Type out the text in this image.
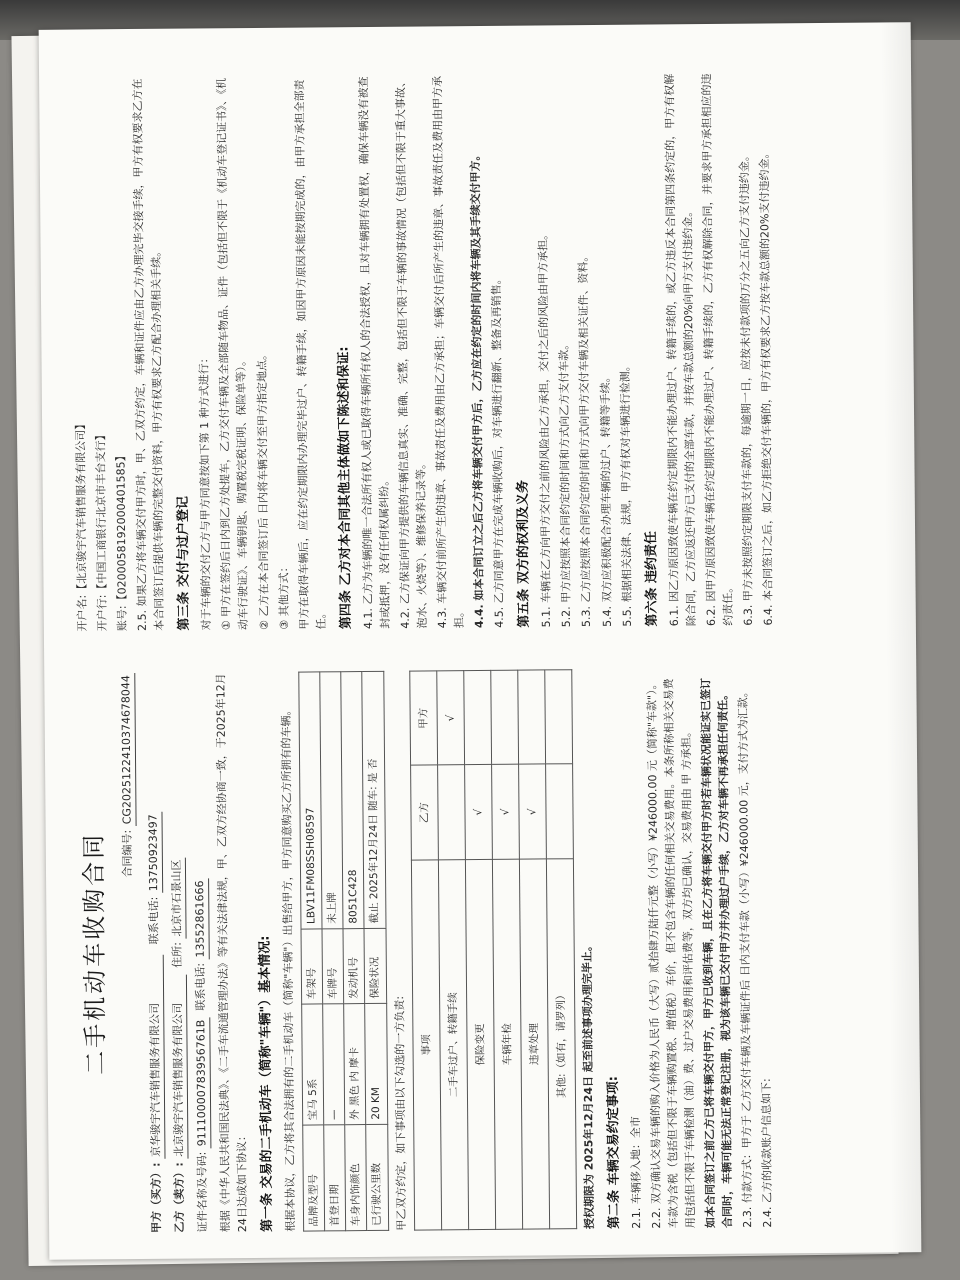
二手机动车收购合同	合同编号: CG2025122410374678044
甲方（买方）: 京华骏宇汽车销售服务有限公司   联系电话: 13750923497
乙方（卖方）: 北京骏宇汽车销售服务有限公司  住所: 北京市石景山区
证件名称及号码: 91110000783956761B  联系电话: 13552861666 根据《中华人民共和国民法典》、《二手车流通管理办法》等有关法律法规，甲、乙双方经协商一致，于2025年12月24日达成如下协议： 第一条 交易的二手机动车（简称"车辆"）基本情况: 根据本协议，乙方将其合法拥有的二手机动车（简称"车辆"）出售给甲方，甲方同意购买乙方所拥有的车辆。 品牌及型号	宝马 5系	车架号	LBV11FM08SSH08597
首登日期	—	车牌号	未上牌
车身内饰颜色	外 黑色 内 摩卡	发动机号	8051C428
已行驶公里数	20 KM	保险状况	截止 2025年12月24日 随车: 是 否
甲乙双方约定，如下事项由以下勾选的一方负责: 事项	乙方	甲方
二手车过户、转籍手续		√
保险变更	√	
车辆年检	√	
违章处理	√	
其他:（如有，请罗列）			授权期限为 2025年12月24日 起至前述事项办理完毕止。 第二条 车辆交易约定事项: 2.1. 车辆移入地：全市 2.2. 双方确认交易车辆的购入价格为人民币（大写）贰拾肆万陆仟元整（小写）¥246000.00 元（简称"车款"）。车款为含税（包括但不限于车辆购置税、增值税）车价，但不包含车辆的任何相关交易费用。本条所称相关交易费用包括但不限于车辆检测（油）费、过户交易费用和评估费等，双方均已确认，交易费用由 甲 方承担。 如本合同签订之前乙方已将车辆交付甲方，甲方已收到车辆，且在乙方将车辆交付甲方时若车辆状况能证实已签订合同时，车辆可能无法正常登记注册，视为该车辆已交付甲方并办理过户手续，乙方对车辆不再承担任何责任。 2.3. 付款方式：甲方于 乙方交付车辆及车辆证件后 日内支付车款（小写）¥246000.00 元，支付方式为汇款。 2.4. 乙方的收款账户信息如下:
开户名:【北京骏宇汽车销售服务有限公司】
开户行:【中国工商银行北京市丰台支行】
账号:【0200058192000401585】 2.5. 如果乙方将车辆交付甲方时，甲、乙双方约定，车辆和证件应由乙方办理完毕交接手续，甲方有权要求乙方在本合同签订后提供车辆的完整交付资料，甲方有权要求乙方配合办理相关手续。 第三条 交付与过户登记 对于车辆的交付乙方与甲方同意按如下第 1 种方式进行： ① 甲方在签约后日内到乙方处提车，乙方交付车辆及全部随车物品、证件（包括但不限于《机动车登记证书》、《机动车行驶证》、车辆钥匙、购置税完税证明、保险单等）。 ② 乙方在本合同签订后 日内将车辆交付至甲方指定地点。 ③ 其他方式： 甲方在取得车辆后，应在约定期限内办理完毕过户、转籍手续，如因甲方原因未能按期完成的，由甲方承担全部责任。 第四条 乙方对本合同其他主体做如下陈述和保证: 4.1. 乙方为车辆的唯一合法所有权人或已取得车辆所有权人的合法授权，且对车辆拥有处置权，确保车辆没有被查封或抵押，没有任何权属纠纷。 4.2. 乙方保证向甲方提供的车辆信息真实、准确、完整，包括但不限于车辆的事故情况（包括但不限于重大事故、泡水、火烧等）、维修保养记录等。 4.3. 车辆交付前所产生的违章、事故责任及费用由乙方承担；车辆交付后所产生的违章、事故责任及费用由甲方承担。 4.4. 如本合同订立之后乙方将车辆交付甲方后，乙方应在约定的时间内将车辆及其手续交付甲方。 4.5. 乙方同意甲方在完成车辆收购后，对车辆进行翻新、整备及再销售。 第五条 双方的权利及义务 5.1. 车辆在乙方向甲方交付之前的风险由乙方承担，交付之后的风险由甲方承担。 5.2. 甲方应按照本合同约定的时间和方式向乙方支付车款。 5.3. 乙方应按照本合同约定的时间和方式向甲方交付车辆及相关证件、资料。 5.4. 双方应积极配合办理车辆的过户、转籍等手续。 5.5. 根据相关法律、法规，甲方有权对车辆进行检测。 第六条 违约责任 6.1. 因乙方原因致使车辆在约定期限内不能办理过户、转籍手续的，或乙方违反本合同第四条约定的，甲方有权解除合同，乙方应返还甲方已支付的全部车款，并按车款总额的20%向甲方支付违约金。 6.2. 因甲方原因致使车辆在约定期限内不能办理过户、转籍手续的，乙方有权解除合同，并要求甲方承担相应的违约责任。 6.3. 甲方未按照约定期限支付车款的，每逾期一日，应按未付款项的万分之五向乙方支付违约金。 6.4. 本合同签订之后，如乙方拒绝交付车辆的，甲方有权要求乙方按车款总额的20%支付违约金。
